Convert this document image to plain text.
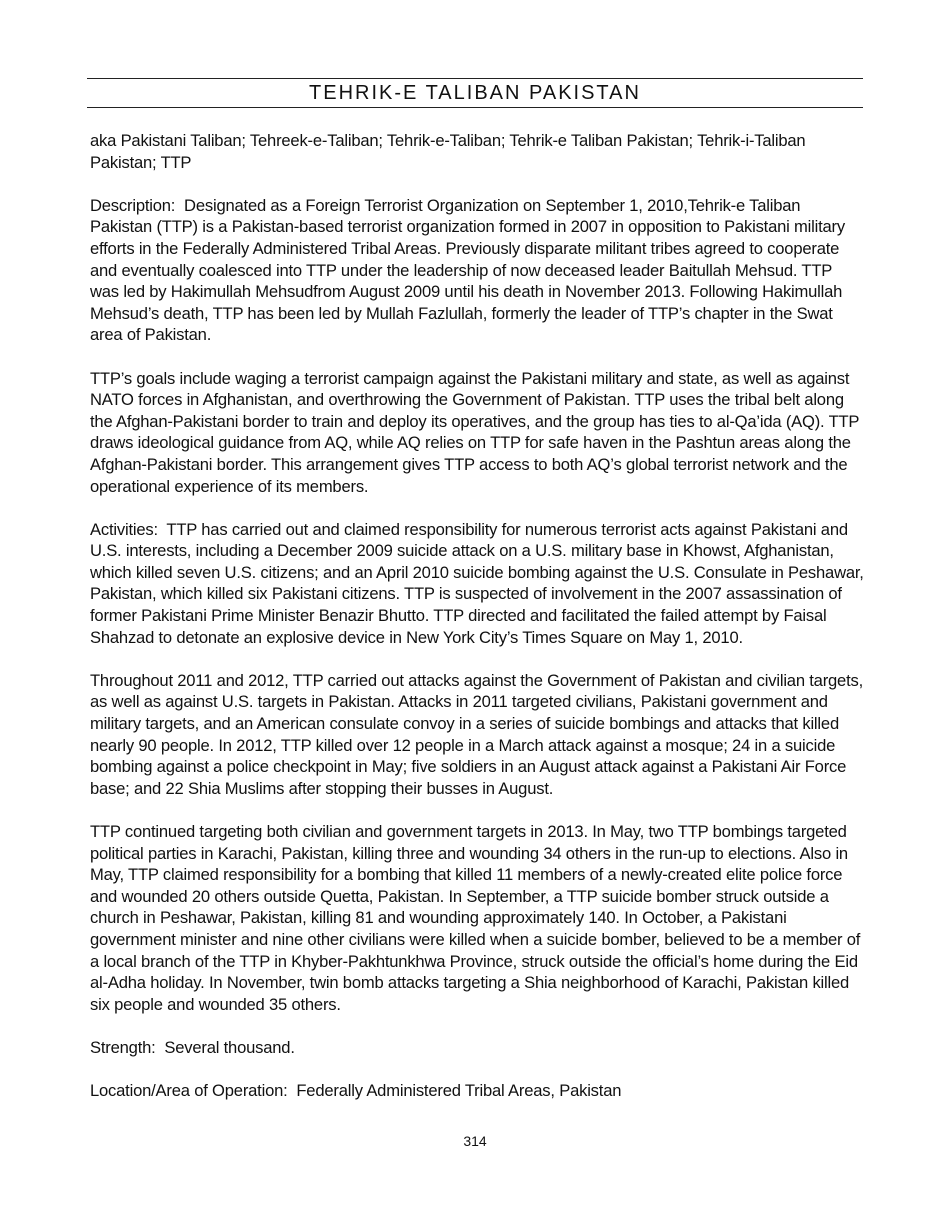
TEHRIK-E TALIBAN PAKISTAN

aka Pakistani Taliban; Tehreek-e-Taliban; Tehrik-e-Taliban; Tehrik-e Taliban Pakistan; Tehrik-i-Taliban Pakistan; TTP

Description: Designated as a Foreign Terrorist Organization on September 1, 2010,Tehrik-e Taliban Pakistan (TTP) is a Pakistan-based terrorist organization formed in 2007 in opposition to Pakistani military efforts in the Federally Administered Tribal Areas. Previously disparate militant tribes agreed to cooperate and eventually coalesced into TTP under the leadership of now deceased leader Baitullah Mehsud. TTP was led by Hakimullah Mehsudfrom August 2009 until his death in November 2013. Following Hakimullah Mehsud’s death, TTP has been led by Mullah Fazlullah, formerly the leader of TTP’s chapter in the Swat area of Pakistan.

TTP’s goals include waging a terrorist campaign against the Pakistani military and state, as well as against NATO forces in Afghanistan, and overthrowing the Government of Pakistan. TTP uses the tribal belt along the Afghan-Pakistani border to train and deploy its operatives, and the group has ties to al-Qa’ida (AQ). TTP draws ideological guidance from AQ, while AQ relies on TTP for safe haven in the Pashtun areas along the Afghan-Pakistani border. This arrangement gives TTP access to both AQ’s global terrorist network and the operational experience of its members.

Activities: TTP has carried out and claimed responsibility for numerous terrorist acts against Pakistani and U.S. interests, including a December 2009 suicide attack on a U.S. military base in Khowst, Afghanistan, which killed seven U.S. citizens; and an April 2010 suicide bombing against the U.S. Consulate in Peshawar, Pakistan, which killed six Pakistani citizens. TTP is suspected of involvement in the 2007 assassination of former Pakistani Prime Minister Benazir Bhutto. TTP directed and facilitated the failed attempt by Faisal Shahzad to detonate an explosive device in New York City’s Times Square on May 1, 2010.

Throughout 2011 and 2012, TTP carried out attacks against the Government of Pakistan and civilian targets, as well as against U.S. targets in Pakistan. Attacks in 2011 targeted civilians, Pakistani government and military targets, and an American consulate convoy in a series of suicide bombings and attacks that killed nearly 90 people. In 2012, TTP killed over 12 people in a March attack against a mosque; 24 in a suicide bombing against a police checkpoint in May; five soldiers in an August attack against a Pakistani Air Force base; and 22 Shia Muslims after stopping their busses in August.

TTP continued targeting both civilian and government targets in 2013. In May, two TTP bombings targeted political parties in Karachi, Pakistan, killing three and wounding 34 others in the run-up to elections. Also in May, TTP claimed responsibility for a bombing that killed 11 members of a newly-created elite police force and wounded 20 others outside Quetta, Pakistan. In September, a TTP suicide bomber struck outside a church in Peshawar, Pakistan, killing 81 and wounding approximately 140. In October, a Pakistani government minister and nine other civilians were killed when a suicide bomber, believed to be a member of a local branch of the TTP in Khyber-Pakhtunkhwa Province, struck outside the official’s home during the Eid al-Adha holiday. In November, twin bomb attacks targeting a Shia neighborhood of Karachi, Pakistan killed six people and wounded 35 others.

Strength: Several thousand.

Location/Area of Operation: Federally Administered Tribal Areas, Pakistan

314
